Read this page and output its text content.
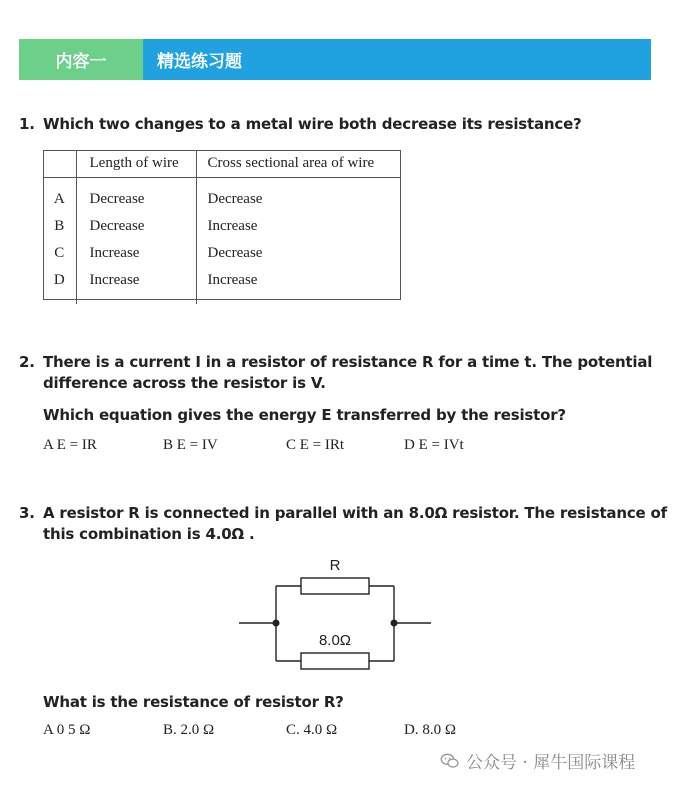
内容一	精选练习题
1. Which two changes to a metal wire both decrease its resistance?
	Length of wire	Cross sectional area of wire
A	Decrease	Decrease
B	Decrease	Increase
C	Increase	Decrease
D	Increase	Increase
2. There is a current I in a resistor of resistance R for a time t. The potential
difference across the resistor is V.
Which equation gives the energy E transferred by the resistor?
A E = IR	B E = IV	C E = IRt	D E = IVt
3. A resistor R is connected in parallel with an 8.0Ω resistor. The resistance of
this combination is 4.0Ω .
R
8.0Ω
What is the resistance of resistor R?
A 0 5 Ω	B. 2.0 Ω	C. 4.0 Ω	D. 8.0 Ω
公众号 · 犀牛国际课程
